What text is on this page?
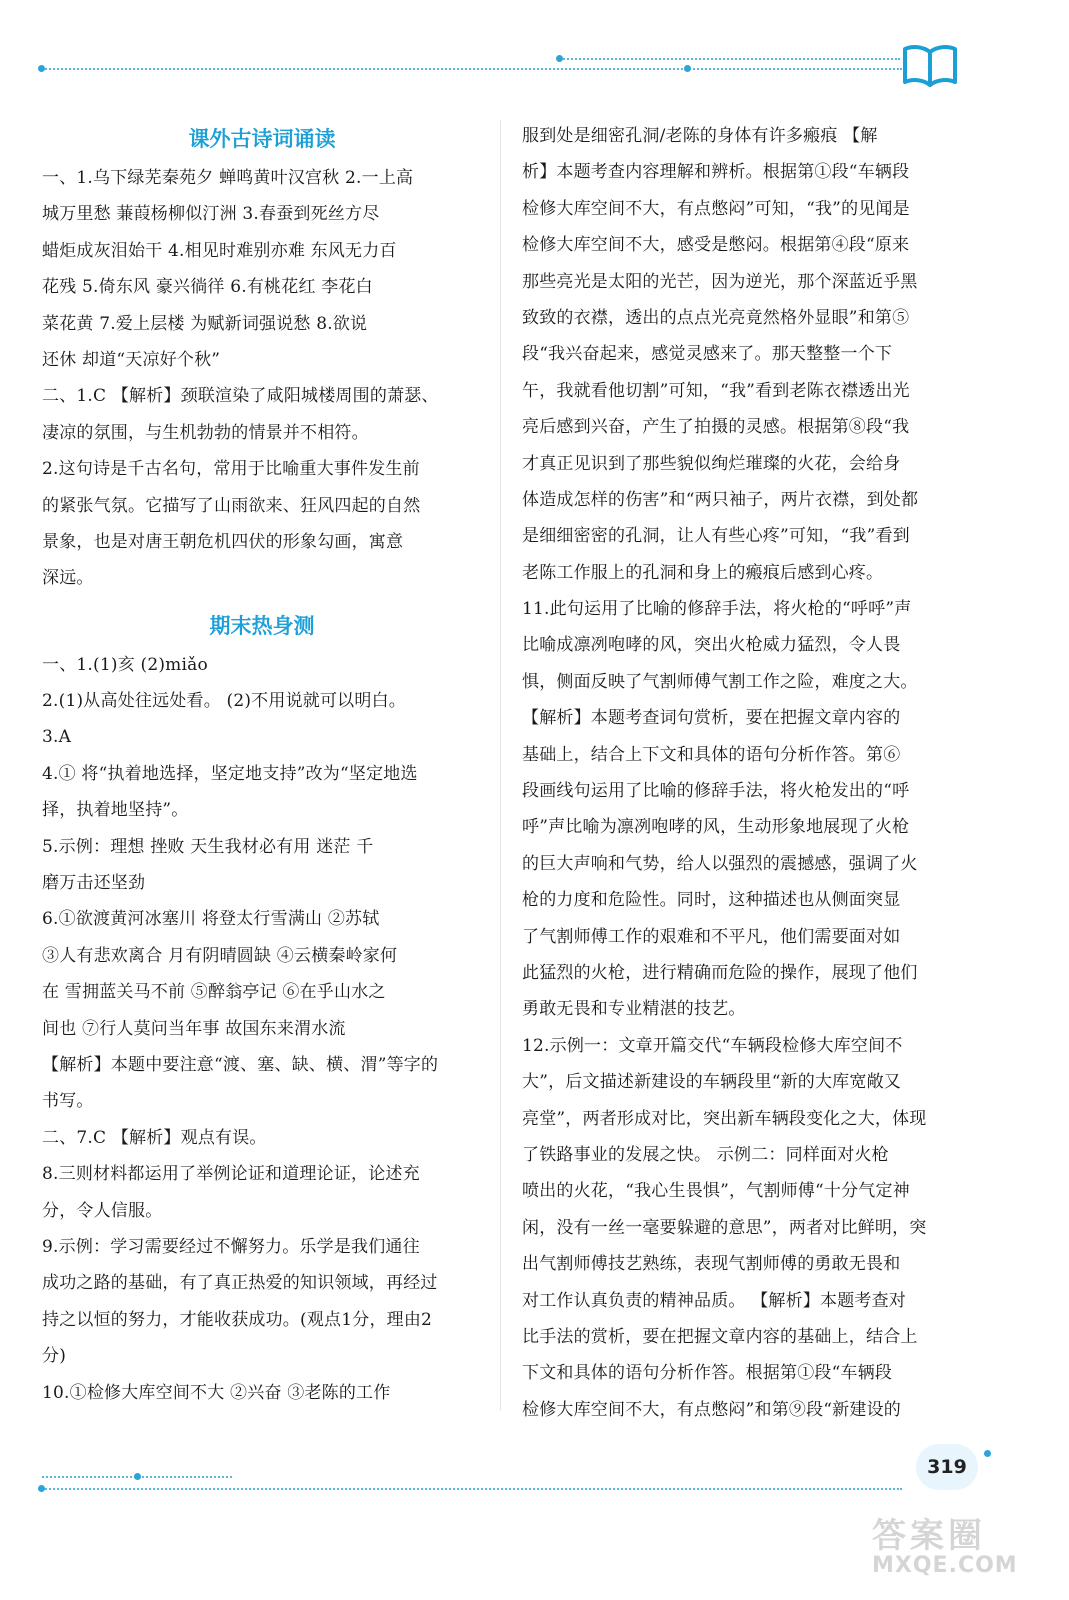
课外古诗词诵读
一、1.乌下绿芜秦苑夕 蝉鸣黄叶汉宫秋 2.一上高
城万里愁 蒹葭杨柳似汀洲 3.春蚕到死丝方尽
蜡炬成灰泪始干 4.相见时难别亦难 东风无力百
花残 5.倚东风 豪兴徜徉 6.有桃花红 李花白
菜花黄 7.爱上层楼 为赋新词强说愁 8.欲说
还休 却道“天凉好个秋”
二、1.C 【解析】颈联渲染了咸阳城楼周围的萧瑟、
凄凉的氛围，与生机勃勃的情景并不相符。
2.这句诗是千古名句，常用于比喻重大事件发生前
的紧张气氛。它描写了山雨欲来、狂风四起的自然
景象，也是对唐王朝危机四伏的形象勾画，寓意
深远。
期末热身测
一、1.(1)亥 (2)miǎo
2.(1)从高处往远处看。 (2)不用说就可以明白。
3.A
4.① 将“执着地选择，坚定地支持”改为“坚定地选
择，执着地坚持”。
5.示例：理想 挫败 天生我材必有用 迷茫 千
磨万击还坚劲
6.①欲渡黄河冰塞川 将登太行雪满山 ②苏轼
③人有悲欢离合 月有阴晴圆缺 ④云横秦岭家何
在 雪拥蓝关马不前 ⑤醉翁亭记 ⑥在乎山水之
间也 ⑦行人莫问当年事 故国东来渭水流
【解析】本题中要注意“渡、塞、缺、横、渭”等字的
书写。
二、7.C 【解析】观点有误。
8.三则材料都运用了举例论证和道理论证，论述充
分，令人信服。
9.示例：学习需要经过不懈努力。乐学是我们通往
成功之路的基础，有了真正热爱的知识领域，再经过
持之以恒的努力，才能收获成功。(观点1分，理由2
分)
10.①检修大库空间不大 ②兴奋 ③老陈的工作
服到处是细密孔洞/老陈的身体有许多瘢痕 【解
析】本题考查内容理解和辨析。根据第①段“车辆段
检修大库空间不大，有点憋闷”可知，“我”的见闻是
检修大库空间不大，感受是憋闷。根据第④段“原来
那些亮光是太阳的光芒，因为逆光，那个深蓝近乎黑
致致的衣襟，透出的点点光亮竟然格外显眼”和第⑤
段“我兴奋起来，感觉灵感来了。那天整整一个下
午，我就看他切割”可知，“我”看到老陈衣襟透出光
亮后感到兴奋，产生了拍摄的灵感。根据第⑧段“我
才真正见识到了那些貌似绚烂璀璨的火花，会给身
体造成怎样的伤害”和“两只袖子，两片衣襟，到处都
是细细密密的孔洞，让人有些心疼”可知，“我”看到
老陈工作服上的孔洞和身上的瘢痕后感到心疼。
11.此句运用了比喻的修辞手法，将火枪的“呼呼”声
比喻成凛冽咆哮的风，突出火枪威力猛烈，令人畏
惧，侧面反映了气割师傅气割工作之险，难度之大。
【解析】本题考查词句赏析，要在把握文章内容的
基础上，结合上下文和具体的语句分析作答。第⑥
段画线句运用了比喻的修辞手法，将火枪发出的“呼
呼”声比喻为凛冽咆哮的风，生动形象地展现了火枪
的巨大声响和气势，给人以强烈的震撼感，强调了火
枪的力度和危险性。同时，这种描述也从侧面突显
了气割师傅工作的艰难和不平凡，他们需要面对如
此猛烈的火枪，进行精确而危险的操作，展现了他们
勇敢无畏和专业精湛的技艺。
12.示例一：文章开篇交代“车辆段检修大库空间不
大”，后文描述新建设的车辆段里“新的大库宽敞又
亮堂”，两者形成对比，突出新车辆段变化之大，体现
了铁路事业的发展之快。 示例二：同样面对火枪
喷出的火花，“我心生畏惧”，气割师傅“十分气定神
闲，没有一丝一毫要躲避的意思”，两者对比鲜明，突
出气割师傅技艺熟练，表现气割师傅的勇敢无畏和
对工作认真负责的精神品质。 【解析】本题考查对
比手法的赏析，要在把握文章内容的基础上，结合上
下文和具体的语句分析作答。根据第①段“车辆段
检修大库空间不大，有点憋闷”和第⑨段“新建设的
319
答案圈
MXQE.COM
